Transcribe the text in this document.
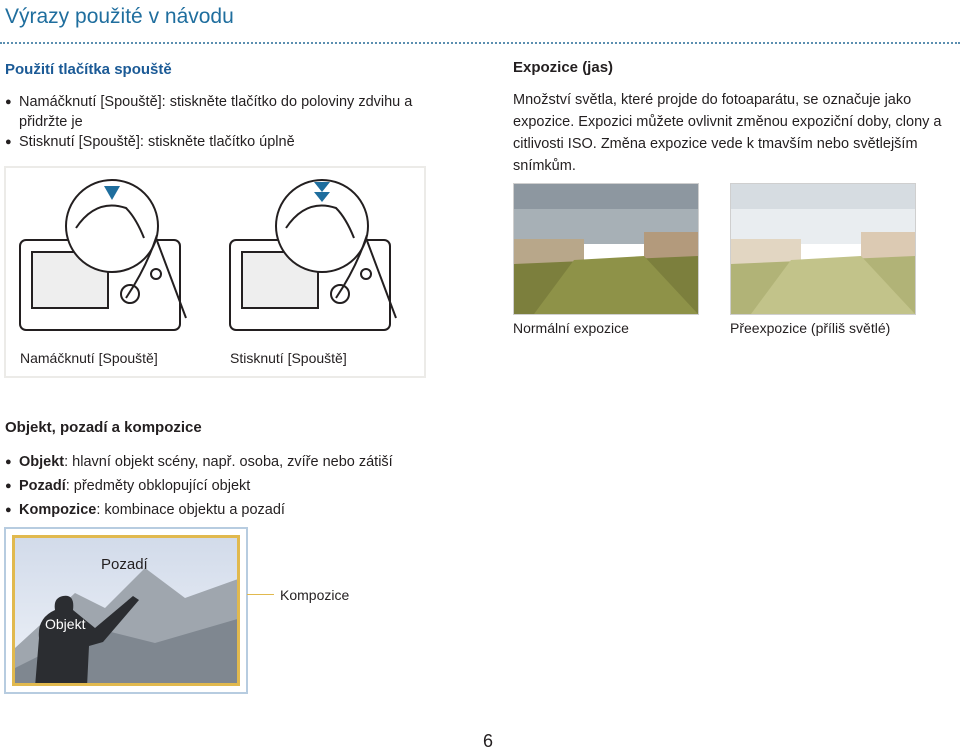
Výrazy použité v návodu
Použití tlačítka spouště
● Namáčknutí [Spouště]: stiskněte tlačítko do poloviny zdvihu a přidržte je
● Stisknutí [Spouště]: stiskněte tlačítko úplně
Namáčknutí [Spouště]	Stisknutí [Spouště]
Expozice (jas)
Množství světla, které projde do fotoaparátu, se označuje jako expozice. Expozici můžete ovlivnit změnou expoziční doby, clony a citlivosti ISO. Změna expozice vede k tmavším nebo světlejším snímkům.
Normální expozice	Přeexpozice (příliš světlé)
Objekt, pozadí a kompozice
● Objekt: hlavní objekt scény, např. osoba, zvíře nebo zátiší
● Pozadí: předměty obklopující objekt
● Kompozice: kombinace objektu a pozadí
Pozadí
Objekt
Kompozice
6
